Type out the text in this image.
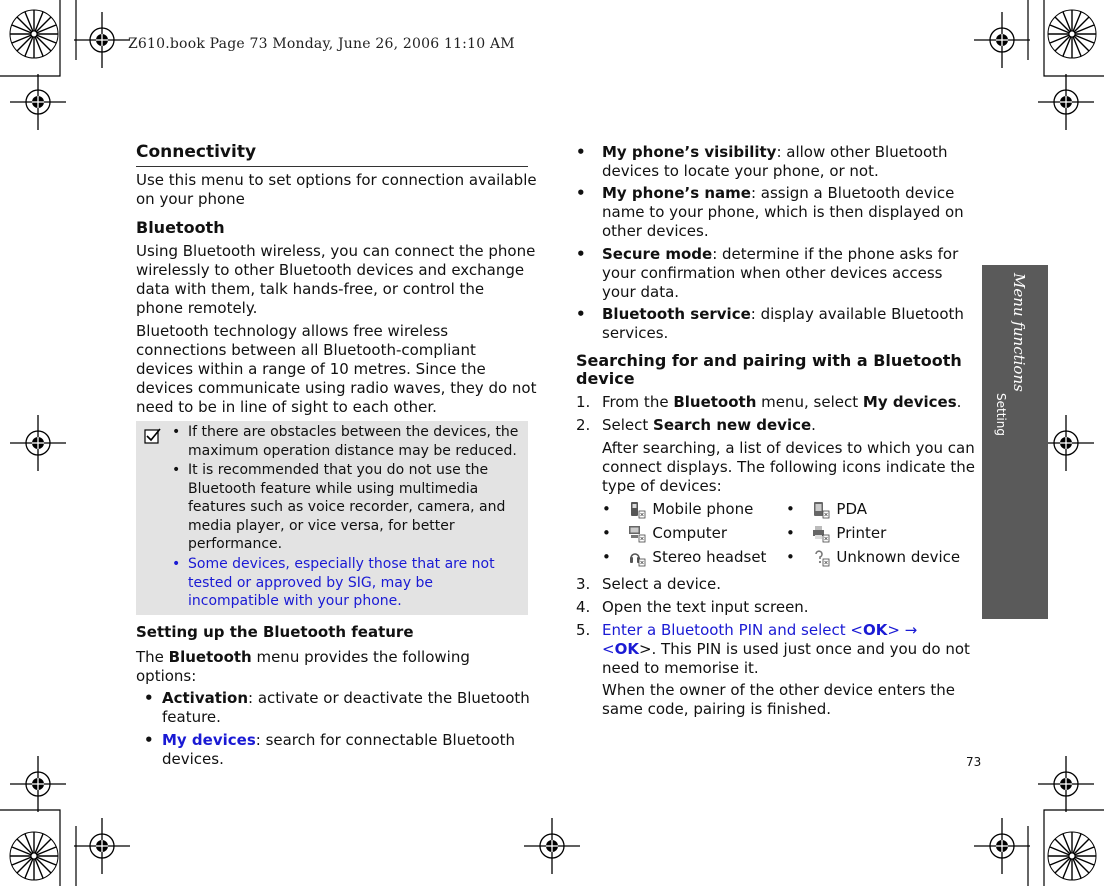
Z610.book Page 73 Monday, June 26, 2006 11:10 AM
Menu functions
Setting
73
Connectivity

Use this menu to set options for connection available

on your phone

Bluetooth

Using Bluetooth wireless, you can connect the phone

wirelessly to other Bluetooth devices and exchange

data with them, talk hands-free, or control the

phone remotely.

Bluetooth technology allows free wireless

connections between all Bluetooth-compliant

devices within a range of 10 metres. Since the

devices communicate using radio waves, they do not

need to be in line of sight to each other.

• If there are obstacles between the devices, the
maximum operation distance may be reduced.
• It is recommended that you do not use the
Bluetooth feature while using multimedia
features such as voice recorder, camera, and
media player, or vice versa, for better
performance.
• Some devices, especially those that are not
tested or approved by SIG, may be
incompatible with your phone.
Setting up the Bluetooth feature

The Bluetooth menu provides the following

options:

• Activation: activate or deactivate the Bluetooth

feature.

• My devices: search for connectable Bluetooth

devices.

• My phone’s visibility: allow other Bluetooth

devices to locate your phone, or not.

• My phone’s name: assign a Bluetooth device

name to your phone, which is then displayed on

other devices.

• Secure mode: determine if the phone asks for

your confirmation when other devices access

your data.

• Bluetooth service: display available Bluetooth

services.

Searching for and pairing with a Bluetooth

device

1. From the Bluetooth menu, select My devices.

2. Select Search new device.

After searching, a list of devices to which you can

connect displays. The following icons indicate the

type of devices:

•	Mobile phone •	PDA
•	Computer	•	Printer
•	Stereo headset •	Unknown device
3. Select a device.

4. Open the text input screen.

5. Enter a Bluetooth PIN and select <OK> →

<OK>. This PIN is used just once and you do not

need to memorise it.

When the owner of the other device enters the

same code, pairing is finished.
